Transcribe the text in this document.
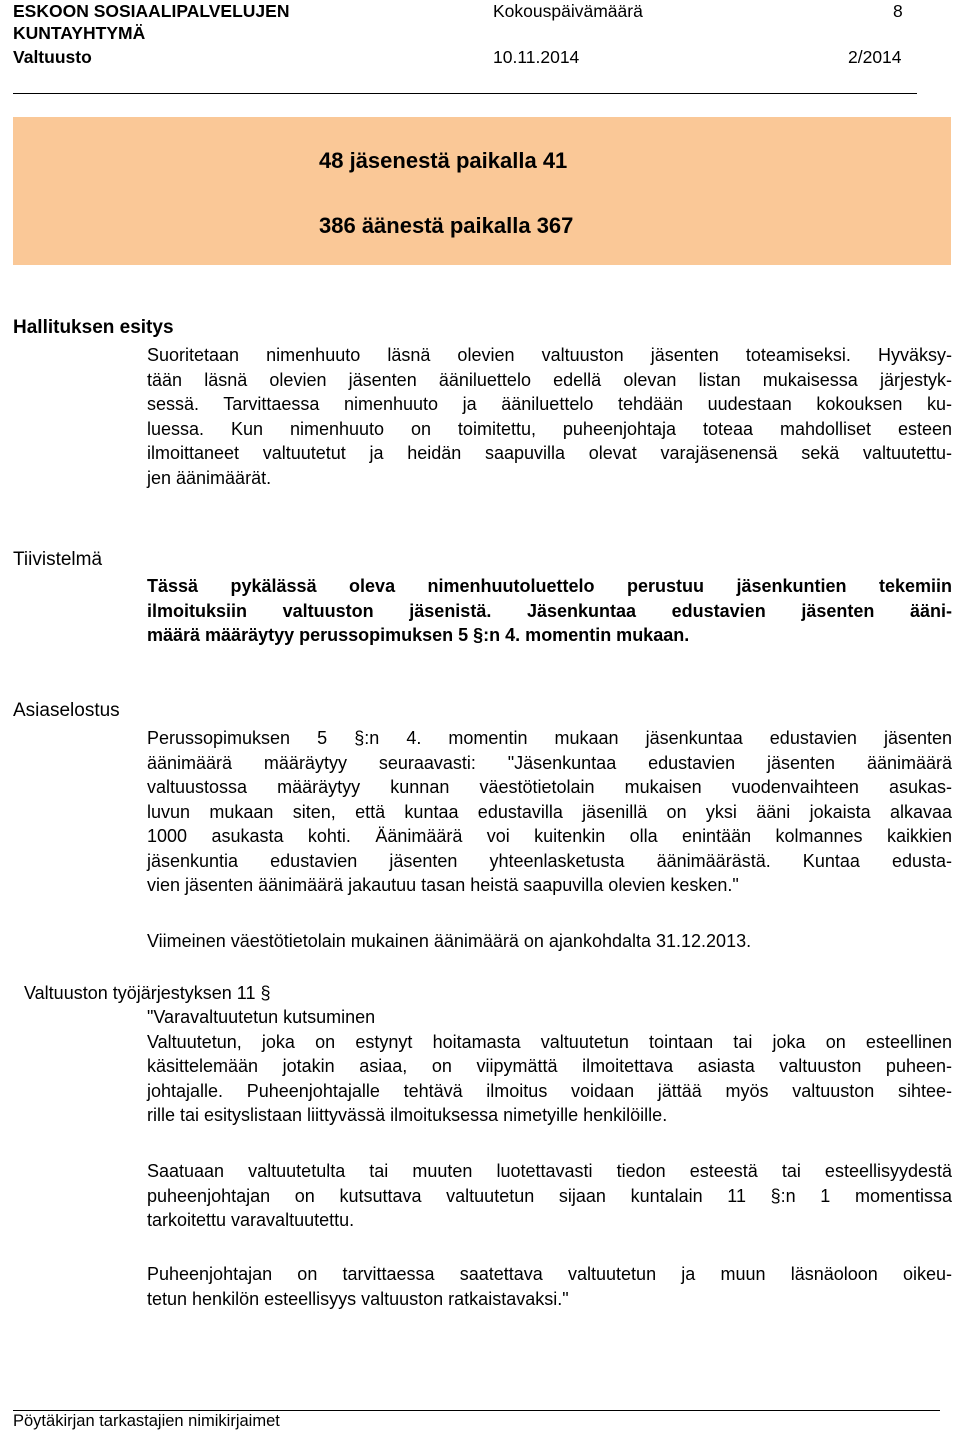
ESKOON SOSIAALIPALVELUJEN
KUNTAYHTYMÄ
Valtuusto
Kokouspäivämäärä
10.11.2014
8
2/2014
48 jäsenestä paikalla 41
386 äänestä paikalla 367
Hallituksen esitys
Suoritetaan nimenhuuto läsnä olevien valtuuston jäsenten toteamiseksi. Hyväksy-
tään läsnä olevien jäsenten ääniluettelo edellä olevan listan mukaisessa järjestyk-
sessä. Tarvittaessa nimenhuuto ja ääniluettelo tehdään uudestaan kokouksen ku-
luessa. Kun nimenhuuto on toimitettu, puheenjohtaja toteaa mahdolliset esteen
ilmoittaneet valtuutetut ja heidän saapuvilla olevat varajäsenensä sekä valtuutettu-
jen äänimäärät.
Tiivistelmä
Tässä pykälässä oleva nimenhuutoluettelo perustuu jäsenkuntien tekemiin
ilmoituksiin valtuuston jäsenistä. Jäsenkuntaa edustavien jäsenten ääni-
määrä määräytyy perussopimuksen 5 §:n 4. momentin mukaan.
Asiaselostus
Perussopimuksen 5 §:n 4. momentin mukaan jäsenkuntaa edustavien jäsenten
äänimäärä määräytyy seuraavasti: "Jäsenkuntaa edustavien jäsenten äänimäärä
valtuustossa määräytyy kunnan väestötietolain mukaisen vuodenvaihteen asukas-
luvun mukaan siten, että kuntaa edustavilla jäsenillä on yksi ääni jokaista alkavaa
1000 asukasta kohti. Äänimäärä voi kuitenkin olla enintään kolmannes kaikkien
jäsenkuntia edustavien jäsenten yhteenlasketusta äänimäärästä. Kuntaa edusta-
vien jäsenten äänimäärä jakautuu tasan heistä saapuvilla olevien kesken."
Viimeinen väestötietolain mukainen äänimäärä on ajankohdalta 31.12.2013.
Valtuuston työjärjestyksen 11 §
"Varavaltuutetun kutsuminen
Valtuutetun, joka on estynyt hoitamasta valtuutetun tointaan tai joka on esteellinen
käsittelemään jotakin asiaa, on viipymättä ilmoitettava asiasta valtuuston puheen-
johtajalle. Puheenjohtajalle tehtävä ilmoitus voidaan jättää myös valtuuston sihtee-
rille tai esityslistaan liittyvässä ilmoituksessa nimetyille henkilöille.
Saatuaan valtuutetulta tai muuten luotettavasti tiedon esteestä tai esteellisyydestä
puheenjohtajan on kutsuttava valtuutetun sijaan kuntalain 11 §:n 1 momentissa
tarkoitettu varavaltuutettu.
Puheenjohtajan on tarvittaessa saatettava valtuutetun ja muun läsnäoloon oikeu-
tetun henkilön esteellisyys valtuuston ratkaistavaksi."
Pöytäkirjan tarkastajien nimikirjaimet
